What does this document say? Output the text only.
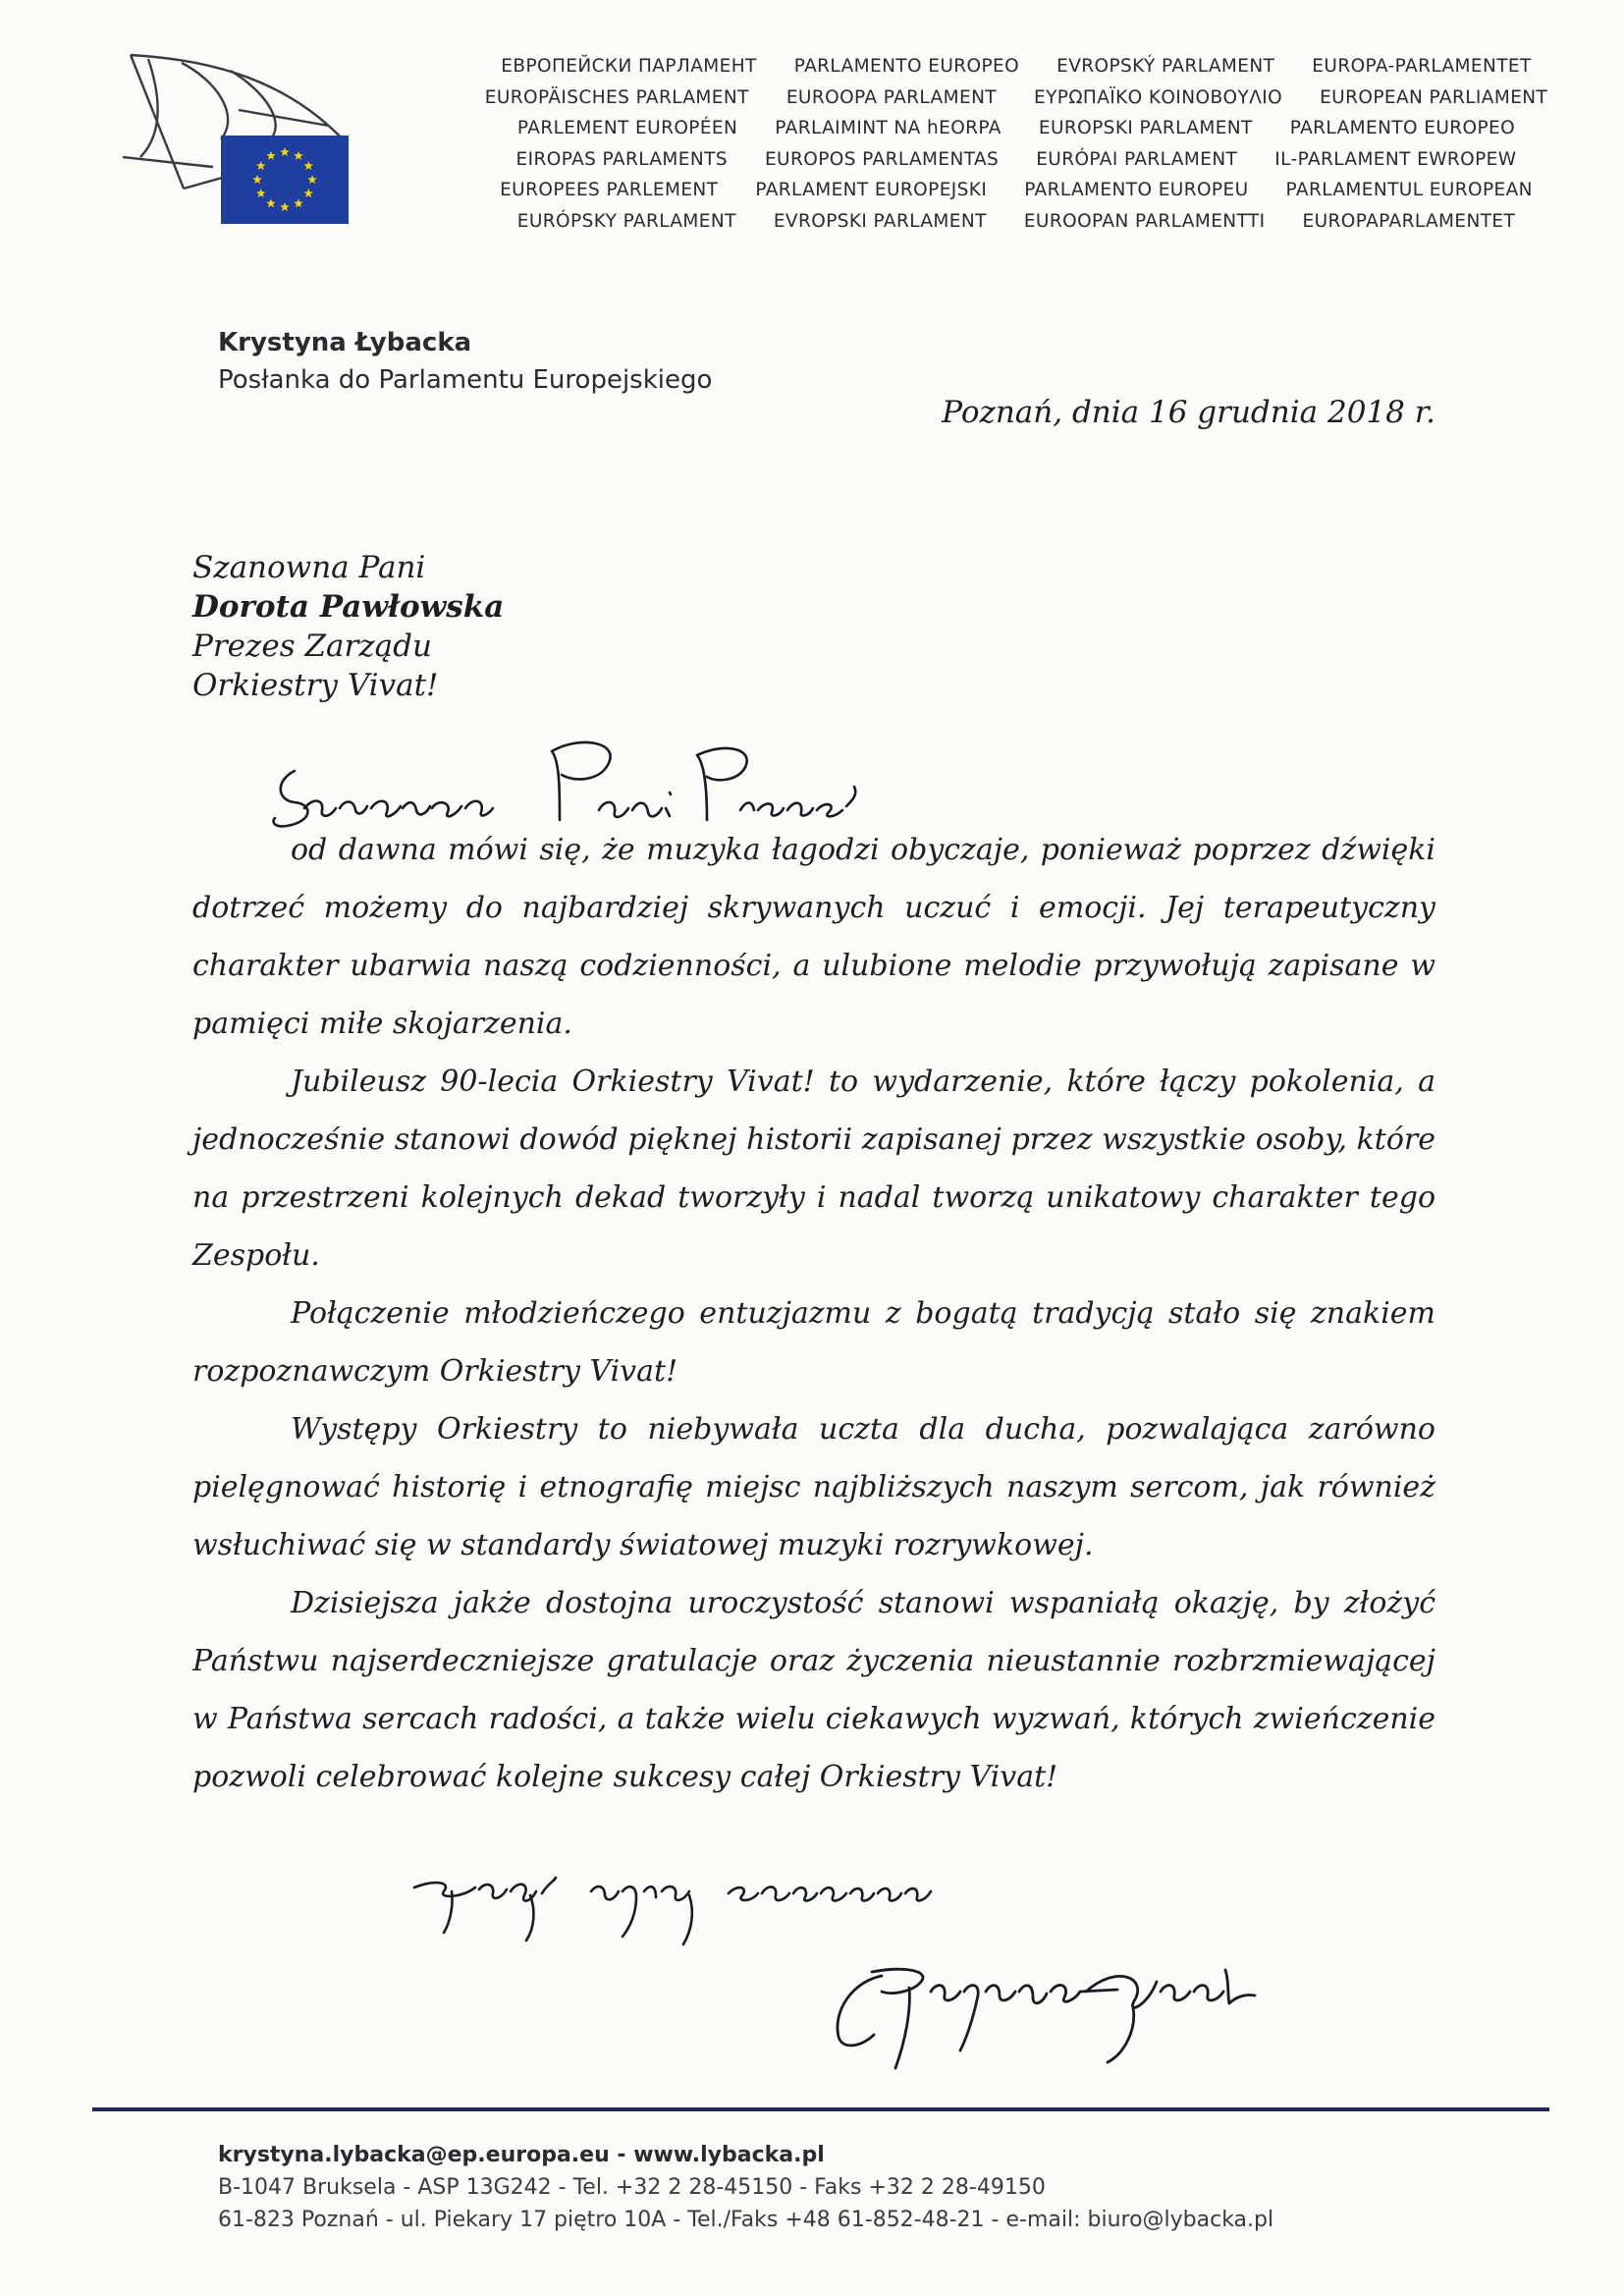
ЕВРОПЕЙСКИ ПАРЛАМЕНТ PARLAMENTO EUROPEO EVROPSKÝ PARLAMENT EUROPA-PARLAMENTET
EUROPÄISCHES PARLAMENT EUROOPA PARLAMENT ΕΥΡΩΠΑΪΚΟ ΚΟΙΝΟΒΟΥΛΙΟ EUROPEAN PARLIAMENT
PARLEMENT EUROPÉEN PARLAIMINT NA hEORPA EUROPSKI PARLAMENT PARLAMENTO EUROPEO
EIROPAS PARLAMENTS EUROPOS PARLAMENTAS EURÓPAI PARLAMENT IL-PARLAMENT EWROPEW
EUROPEES PARLEMENT PARLAMENT EUROPEJSKI PARLAMENTO EUROPEU PARLAMENTUL EUROPEAN
EURÓPSKY PARLAMENT EVROPSKI PARLAMENT EUROOPAN PARLAMENTTI EUROPAPARLAMENTET
Krystyna Łybacka
Posłanka do Parlamentu Europejskiego
Poznań, dnia 16 grudnia 2018 r.
Szanowna Pani
Dorota Pawłowska
Prezes Zarządu
Orkiestry Vivat!

od dawna mówi się, że muzyka łagodzi obyczaje, ponieważ poprzez dźwięki dotrzeć możemy do najbardziej skrywanych uczuć i emocji. Jej terapeutyczny charakter ubarwia naszą codzienności, a ulubione melodie przywołują zapisane w pamięci miłe skojarzenia.

Jubileusz 90-lecia Orkiestry Vivat! to wydarzenie, które łączy pokolenia, a jednocześnie stanowi dowód pięknej historii zapisanej przez wszystkie osoby, które na przestrzeni kolejnych dekad tworzyły i nadal tworzą unikatowy charakter tego Zespołu.

Połączenie młodzieńczego entuzjazmu z bogatą tradycją stało się znakiem rozpoznawczym Orkiestry Vivat!

Występy Orkiestry to niebywała uczta dla ducha, pozwalająca zarówno pielęgnować historię i etnografię miejsc najbliższych naszym sercom, jak również wsłuchiwać się w standardy światowej muzyki rozrywkowej.

Dzisiejsza jakże dostojna uroczystość stanowi wspaniałą okazję, by złożyć Państwu najserdeczniejsze gratulacje oraz życzenia nieustannie rozbrzmiewającej w Państwa sercach radości, a także wielu ciekawych wyzwań, których zwieńczenie pozwoli celebrować kolejne sukcesy całej Orkiestry Vivat!

krystyna.lybacka@ep.europa.eu - www.lybacka.pl
B-1047 Bruksela - ASP 13G242 - Tel. +32 2 28-45150 - Faks +32 2 28-49150
61-823 Poznań - ul. Piekary 17 piętro 10A - Tel./Faks +48 61-852-48-21 - e-mail: biuro@lybacka.pl
